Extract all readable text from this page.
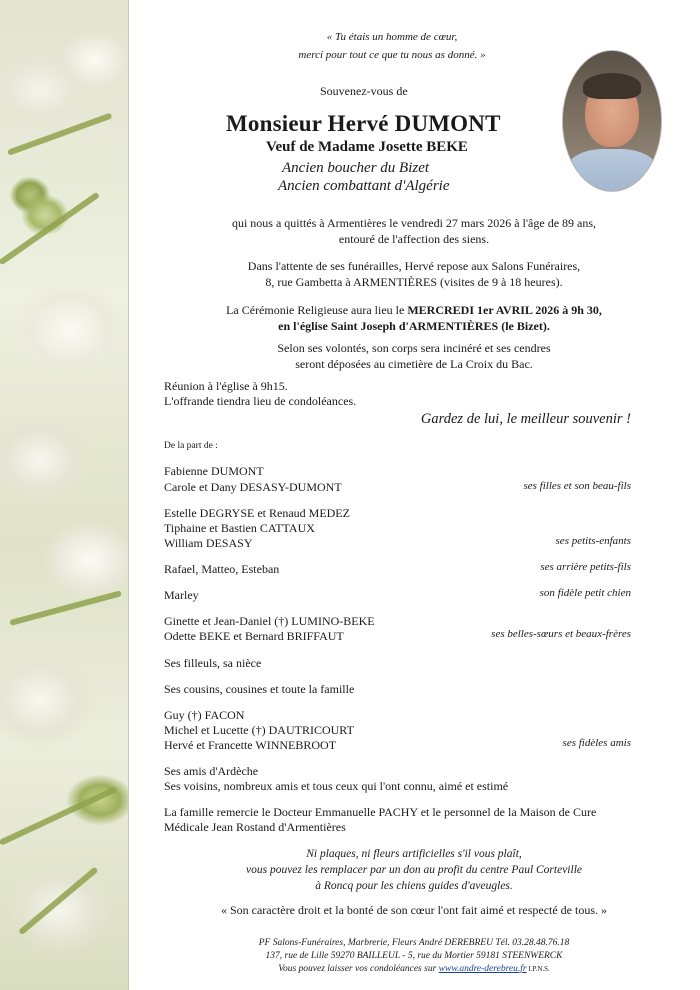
« Tu étais un homme de cœur,
merci pour tout ce que tu nous as donné. »
Souvenez-vous de
Monsieur Hervé DUMONT
Veuf de Madame Josette BEKE
Ancien boucher du Bizet
Ancien combattant d'Algérie
qui nous a quittés à Armentières le vendredi 27 mars 2026 à l'âge de 89 ans,
entouré de l'affection des siens.
Dans l'attente de ses funérailles, Hervé repose aux Salons Funéraires,
8, rue Gambetta à ARMENTIÈRES (visites de 9 à 18 heures).
La Cérémonie Religieuse aura lieu le MERCREDI 1er AVRIL 2026 à 9h 30,
en l'église Saint Joseph d'ARMENTIÈRES (le Bizet).
Selon ses volontés, son corps sera incinéré et ses cendres
seront déposées au cimetière de La Croix du Bac.
Réunion à l'église à 9h15.
L'offrande tiendra lieu de condoléances.
Gardez de lui, le meilleur souvenir !
De la part de :
Fabienne DUMONT
Carole et Dany DESASY-DUMONT	ses filles et son beau-fils
Estelle DEGRYSE et Renaud MEDEZ
Tiphaine et Bastien CATTAUX
William DESASY	ses petits-enfants
Rafael, Matteo, Esteban	ses arrière petits-fils
Marley	son fidèle petit chien
Ginette et Jean-Daniel (†) LUMINO-BEKE
Odette BEKE et Bernard BRIFFAUT	ses belles-sœurs et beaux-frères
Ses filleuls, sa nièce
Ses cousins, cousines et toute la famille
Guy (†) FACON
Michel et Lucette (†) DAUTRICOURT
Hervé et Francette WINNEBROOT	ses fidèles amis
Ses amis d'Ardèche
Ses voisins, nombreux amis et tous ceux qui l'ont connu, aimé et estimé
La famille remercie le Docteur Emmanuelle PACHY et le personnel de la Maison de Cure
Médicale Jean Rostand d'Armentières
Ni plaques, ni fleurs artificielles s'il vous plaît,
vous pouvez les remplacer par un don au profit du centre Paul Corteville
à Roncq pour les chiens guides d'aveugles.
« Son caractère droit et la bonté de son cœur l'ont fait aimé et respecté de tous. »
PF Salons-Funéraires, Marbrerie, Fleurs André DEREBREU Tél. 03.28.48.76.18
137, rue de Lille 59270 BAILLEUL - 5, rue du Mortier 59181 STEENWERCK
Vous pouvez laisser vos condoléances sur www.andre-derebreu.fr I.P.N.S.
